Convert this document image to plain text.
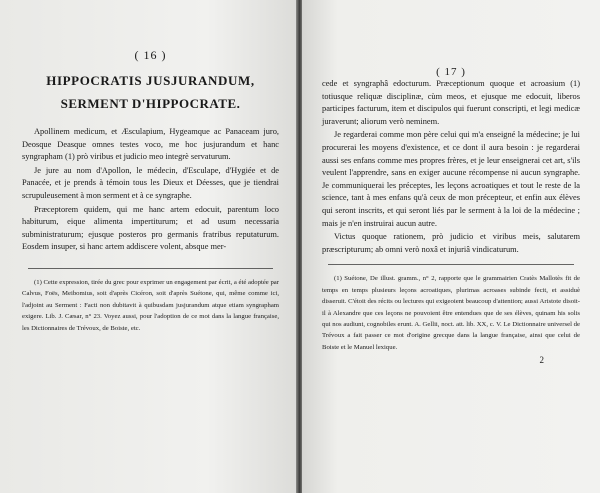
( 16 )
HIPPOCRATIS JUSJURANDUM,
SERMENT D'HIPPOCRATE.

Apollinem medicum, et Æsculapium, Hygeamque ac Panaceam juro, Deosque Deasque omnes testes voco, me hoc jusjurandum et hanc syngrapham (1) prò viribus et judicio meo integrè servaturum.

Je jure au nom d'Apollon, le médecin, d'Esculape, d'Hygiée et de Panacée, et je prends à témoin tous les Dieux et Déesses, que je tiendrai scrupuleusement à mon serment et à ce syngraphe.

Præceptorem quidem, qui me hanc artem edocuit, parentum loco habiturum, eique alimenta impertiturum; et ad usum necessaria subministraturum; ejusque posteros pro germanis fratribus reputaturum. Eosdem insuper, si hanc artem addiscere volent, absque mer-

(1) Cette expression, tirée du grec pour exprimer un engagement par écrit, a été adoptée par Calvus, Foës, Meibomius, soit d'après Cicéron, soit d'après Suétone, qui, même comme ici, l'adjoint au Serment : Facti non dubitavit à quibusdam jusjurandum atque etiam syngrapham exigere. Lib. J. Cæsar, n° 23. Voyez aussi, pour l'adoption de ce mot dans la langue française, les Dictionnaires de Trévoux, de Boiste, etc.

( 17 )

cede et syngraphâ edocturum. Præceptionum quoque et acroasium (1) totiusque reliquæ disciplinæ, cùm meos, et ejusque me edocuit, liberos participes facturum, item et discipulos qui fuerunt conscripti, et legi medicæ juraverunt; aliorum verò neminem.

Je regarderai comme mon père celui qui m'a enseigné la médecine; je lui procurerai les moyens d'existence, et ce dont il aura besoin : je regarderai aussi ses enfans comme mes propres frères, et je leur enseignerai cet art, s'ils veulent l'apprendre, sans en exiger aucune récompense ni aucun syngraphe. Je communiquerai les préceptes, les leçons acroatiques et tout le reste de la science, tant à mes enfans qu'à ceux de mon précepteur, et enfin aux élèves qui seront inscrits, et qui seront liés par le serment à la loi de la médecine ; mais je n'en instruirai aucun autre.

Victus quoque rationem, prò judicio et viribus meis, salutarem præscripturum; ab omni verò noxâ et injuriâ vindicaturum.

(1) Suétone, De illust. gramm., n° 2, rapporte que le grammairien Cratès Mallotès fit de temps en temps plusieurs leçons acroatiques, plurimas acroases subinde fecit, et assiduè disseruit. C'étoit des récits ou lectures qui exigeoient beaucoup d'attention; aussi Aristote disoit-il à Alexandre que ces leçons ne pouvoient être entendues que de ses élèves, quinam his solis qui nos audiunt, cognobiles erunt. A. Gellii, noct. att. lib. XX, c. V. Le Dictionnaire universel de Trévoux a fait passer ce mot d'origine grecque dans la langue française, ainsi que celui de Boiste et le Manuel lexique.

2
